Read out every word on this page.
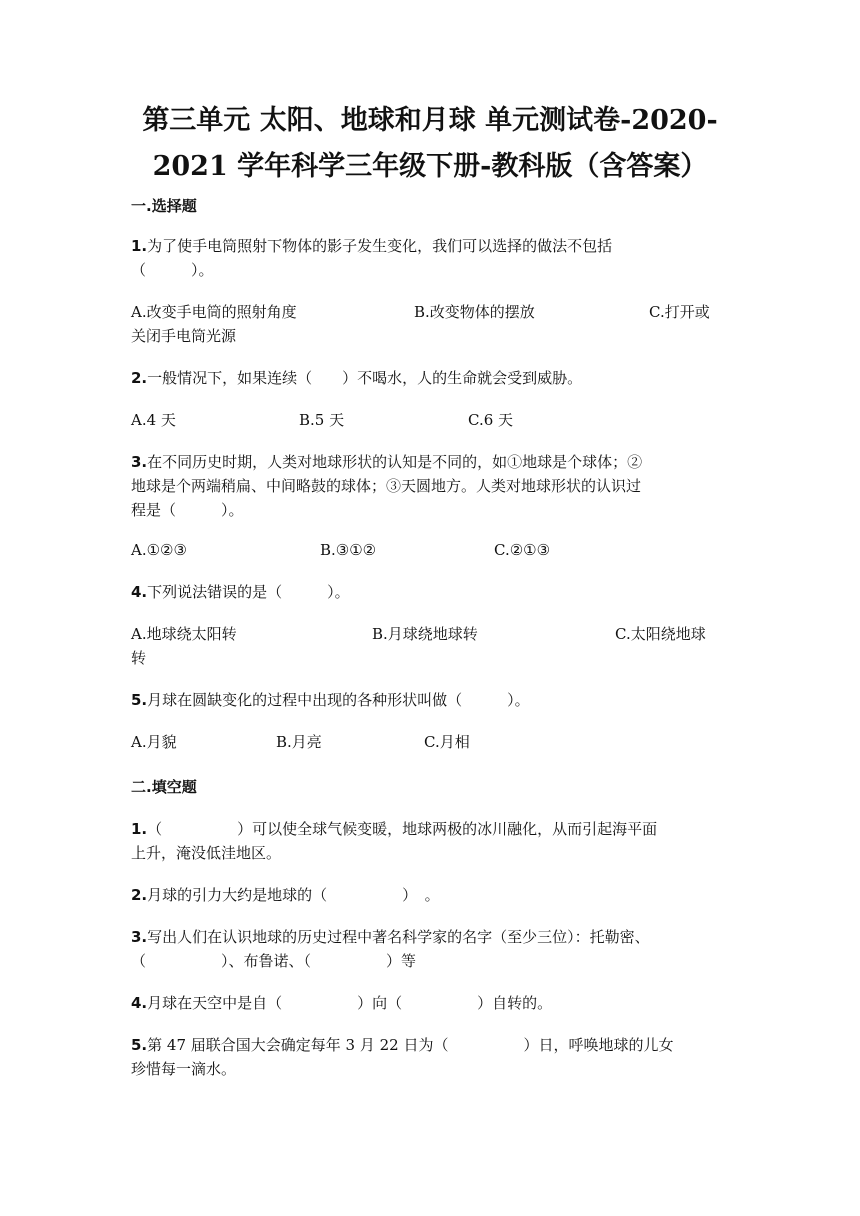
第三单元 太阳、地球和月球 单元测试卷-2020-
2021 学年科学三年级下册-教科版（含答案）
一.选择题
1.为了使手电筒照射下物体的影子发生变化，我们可以选择的做法不包括
（　　　）。
A.改变手电筒的照射角度	B.改变物体的摆放	C.打开或
关闭手电筒光源
2.一般情况下，如果连续（　　）不喝水，人的生命就会受到威胁。
A.4 天	B.5 天	C.6 天
3.在不同历史时期，人类对地球形状的认知是不同的，如①地球是个球体；②
地球是个两端稍扁、中间略鼓的球体；③天圆地方。人类对地球形状的认识过
程是（　　　）。
A.①②③	B.③①②	C.②①③
4.下列说法错误的是（　　　）。
A.地球绕太阳转	B.月球绕地球转	C.太阳绕地球
转
5.月球在圆缺变化的过程中出现的各种形状叫做（　　　）。
A.月貌	B.月亮	C.月相
二.填空题
1.（　　　　　）可以使全球气候变暖，地球两极的冰川融化，从而引起海平面
上升，淹没低洼地区。
2.月球的引力大约是地球的（　　　　　）　。
3.写出人们在认识地球的历史过程中著名科学家的名字（至少三位）：托勒密、
（　　　　　）、布鲁诺、（　　　　　）等
4.月球在天空中是自（　　　　　）向（　　　　　）自转的。
5.第 47 届联合国大会确定每年 3 月 22 日为（　　　　　）日，呼唤地球的儿女
珍惜每一滴水。
